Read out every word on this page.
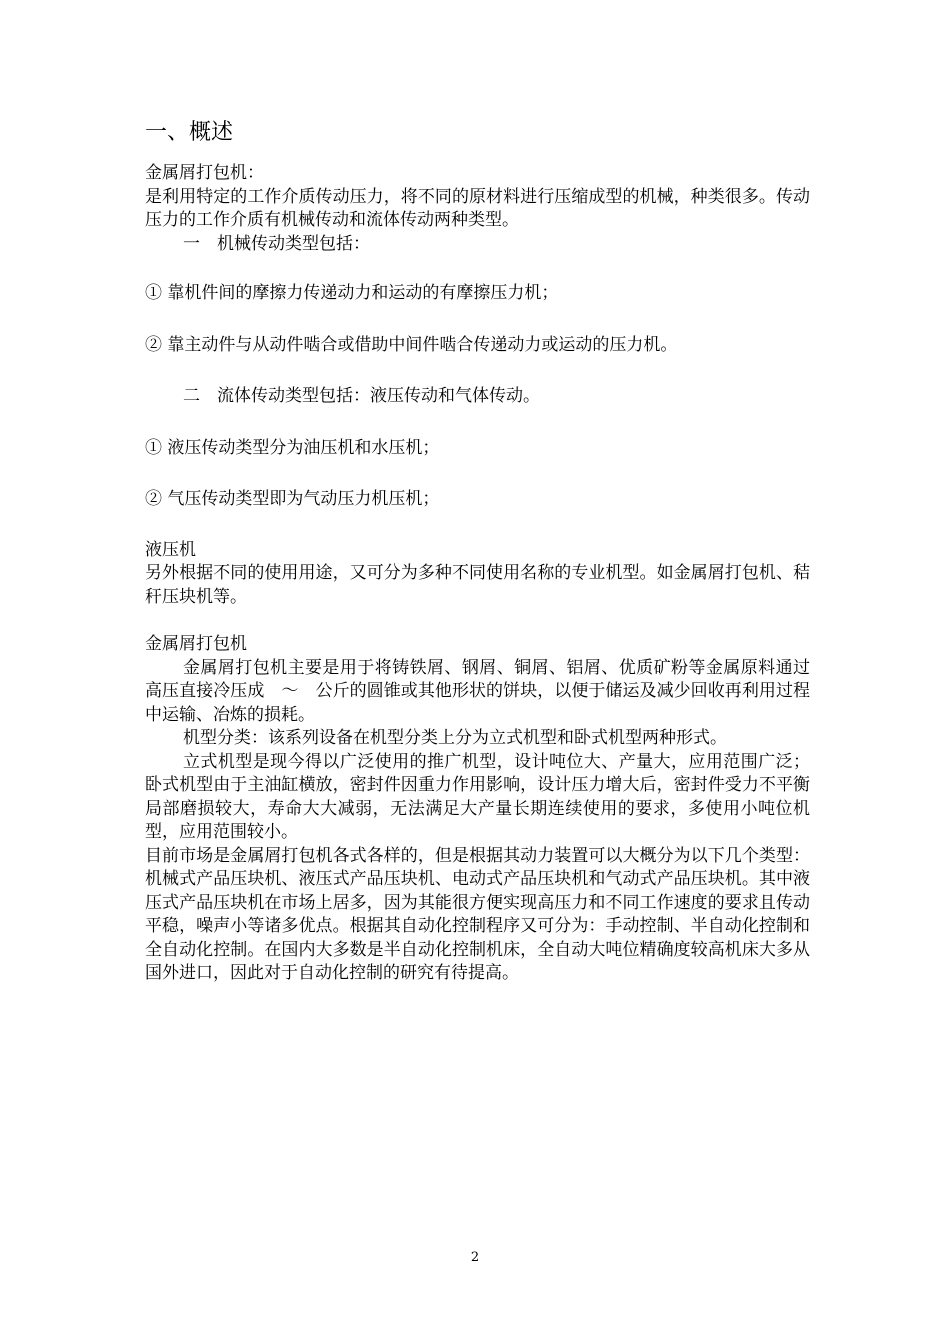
一、概述

金属屑打包机：

是利用特定的工作介质传动压力，将不同的原材料进行压缩成型的机械，种类很多。传动压力的工作介质有机械传动和流体传动两种类型。

一　机械传动类型包括：

① 靠机件间的摩擦力传递动力和运动的有摩擦压力机；

② 靠主动件与从动件啮合或借助中间件啮合传递动力或运动的压力机。

二　流体传动类型包括：液压传动和气体传动。

① 液压传动类型分为油压机和水压机；

② 气压传动类型即为气动压力机压机；

液压机

另外根据不同的使用用途，又可分为多种不同使用名称的专业机型。如金属屑打包机、秸秆压块机等。

金属屑打包机

金属屑打包机主要是用于将铸铁屑、钢屑、铜屑、铝屑、优质矿粉等金属原料通过高压直接冷压成　～　公斤的圆锥或其他形状的饼块，以便于储运及减少回收再利用过程中运输、冶炼的损耗。

机型分类：该系列设备在机型分类上分为立式机型和卧式机型两种形式。

立式机型是现今得以广泛使用的推广机型，设计吨位大、产量大，应用范围广泛；卧式机型由于主油缸横放，密封件因重力作用影响，设计压力增大后，密封件受力不平衡局部磨损较大，寿命大大减弱，无法满足大产量长期连续使用的要求，多使用小吨位机型，应用范围较小。

目前市场是金属屑打包机各式各样的，但是根据其动力装置可以大概分为以下几个类型：机械式产品压块机、液压式产品压块机、电动式产品压块机和气动式产品压块机。其中液压式产品压块机在市场上居多，因为其能很方便实现高压力和不同工作速度的要求且传动平稳，噪声小等诸多优点。根据其自动化控制程序又可分为：手动控制、半自动化控制和全自动化控制。在国内大多数是半自动化控制机床，全自动大吨位精确度较高机床大多从国外进口，因此对于自动化控制的研究有待提高。

2
